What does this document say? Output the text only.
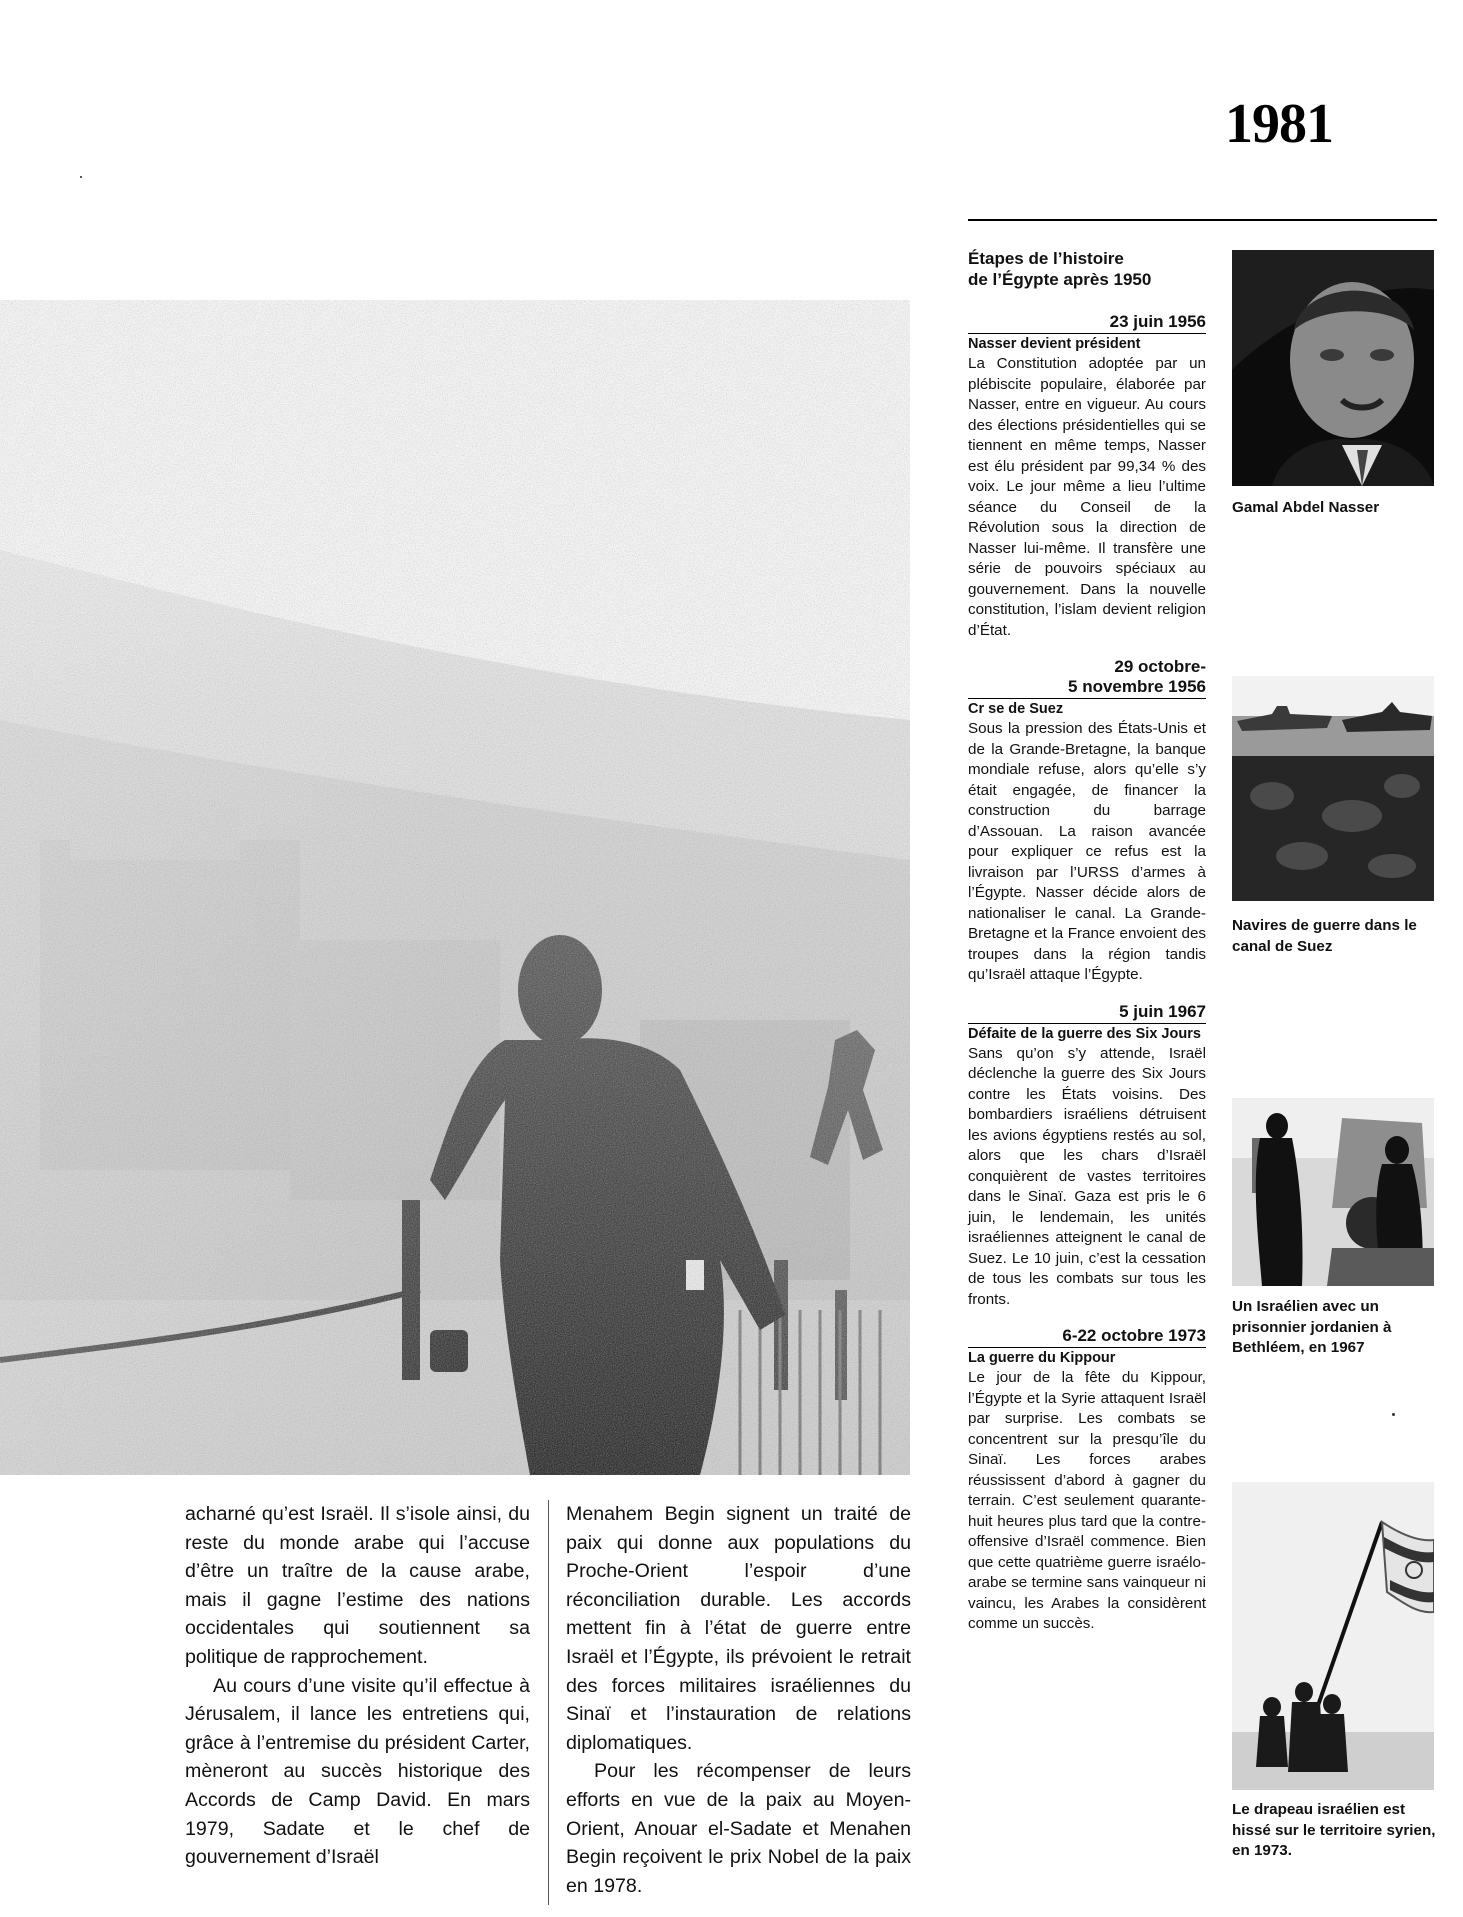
1981

acharné qu’est Israël. Il s’isole ainsi, du reste du monde arabe qui l’accuse d’être un traître de la cause arabe, mais il gagne l’estime des nations occidentales qui soutiennent sa politique de rapprochement.

Au cours d’une visite qu’il effectue à Jérusalem, il lance les entretiens qui, grâce à l’entremise du président Carter, mèneront au succès historique des Accords de Camp David. En mars 1979, Sadate et le chef de gouvernement d’Israël

Menahem Begin signent un traité de paix qui donne aux populations du Proche-Orient l’espoir d’une réconciliation durable. Les accords mettent fin à l’état de guerre entre Israël et l’Égypte, ils prévoient le retrait des forces militaires israéliennes du Sinaï et l’instauration de relations diplomatiques.

Pour les récompenser de leurs efforts en vue de la paix au Moyen-Orient, Anouar el-Sadate et Menahen Begin reçoivent le prix Nobel de la paix en 1978.

Étapes de l’histoire
de l’Égypte après 1950
23 juin 1956
Nasser devient président
La Constitution adoptée par un plébiscite populaire, élaborée par Nasser, entre en vigueur. Au cours des élections présidentielles qui se tiennent en même temps, Nasser est élu président par 99,34 % des voix. Le jour même a lieu l’ultime séance du Conseil de la Révolution sous la direction de Nasser lui-même. Il transfère une série de pouvoirs spéciaux au gouvernement. Dans la nouvelle constitution, l’islam devient religion d’État.
29 octobre-
5 novembre 1956
Cr se de Suez
Sous la pression des États-Unis et de la Grande-Bretagne, la banque mondiale refuse, alors qu’elle s’y était engagée, de financer la construction du barrage d’Assouan. La raison avancée pour expliquer ce refus est la livraison par l’URSS d’armes à l’Égypte. Nasser décide alors de nationaliser le canal. La Grande-Bretagne et la France envoient des troupes dans la région tandis qu’Israël attaque l’Égypte.
5 juin 1967
Défaite de la guerre des Six Jours
Sans qu’on s’y attende, Israël déclenche la guerre des Six Jours contre les États voisins. Des bombardiers israéliens détruisent les avions égyptiens restés au sol, alors que les chars d’Israël conquièrent de vastes territoires dans le Sinaï. Gaza est pris le 6 juin, le lendemain, les unités israéliennes atteignent le canal de Suez. Le 10 juin, c’est la cessation de tous les combats sur tous les fronts.
6-22 octobre 1973
La guerre du Kippour
Le jour de la fête du Kippour, l’Égypte et la Syrie attaquent Israël par surprise. Les combats se concentrent sur la presqu’île du Sinaï. Les forces arabes réussissent d’abord à gagner du terrain. C’est seulement quarante-huit heures plus tard que la contre-offensive d’Israël commence. Bien que cette quatrième guerre israélo-arabe se termine sans vainqueur ni vaincu, les Arabes la considèrent comme un succès.
Gamal Abdel Nasser
Navires de guerre dans le canal de Suez
Un Israélien avec un prisonnier jordanien à Bethléem, en 1967
Le drapeau israélien est hissé sur le territoire syrien, en 1973.
